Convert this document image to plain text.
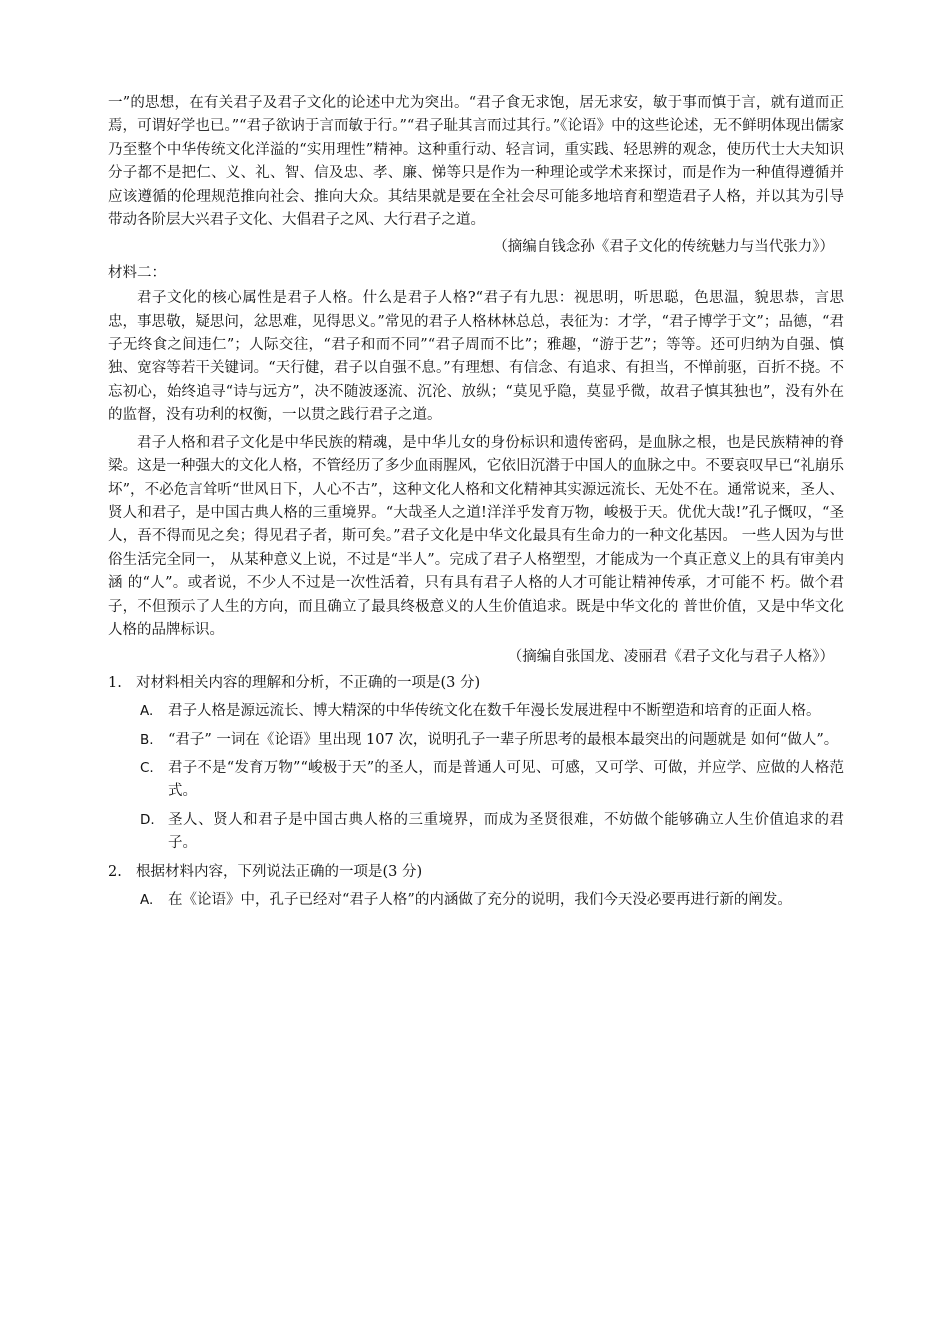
一”的思想，在有关君子及君子文化的论述中尤为突出。“君子食无求饱，居无求安，敏于事而慎于言，就有道而正焉，可谓好学也已。”“君子欲讷于言而敏于行。”“君子耻其言而过其行。”《论语》中的这些论述，无不鲜明体现出儒家乃至整个中华传统文化洋溢的“实用理性”精神。这种重行动、轻言词，重实践、轻思辨的观念，使历代士大夫知识分子都不是把仁、义、礼、智、信及忠、孝、廉、悌等只是作为一种理论或学术来探讨，而是作为一种值得遵循并应该遵循的伦理规范推向社会、推向大众。其结果就是要在全社会尽可能多地培育和塑造君子人格，并以其为引导带动各阶层大兴君子文化、大倡君子之风、大行君子之道。

（摘编自钱念孙《君子文化的传统魅力与当代张力》）
材料二：

君子文化的核心属性是君子人格。什么是君子人格?“君子有九思：视思明，听思聪，色思温，貌思恭，言思忠，事思敬，疑思问，忿思难，见得思义。”常见的君子人格林林总总，表征为：才学，“君子博学于文”；品德，“君子无终食之间违仁”；人际交往，“君子和而不同”“君子周而不比”；雅趣，“游于艺”；等等。还可归纳为自强、慎独、宽容等若干关键词。“天行健，君子以自强不息。”有理想、有信念、有追求、有担当，不惮前驱，百折不挠。不忘初心，始终追寻“诗与远方”，决不随波逐流、沉沦、放纵；“莫见乎隐，莫显乎微，故君子慎其独也”，没有外在的监督，没有功利的权衡，一以贯之践行君子之道。

君子人格和君子文化是中华民族的精魂，是中华儿女的身份标识和遗传密码，是血脉之根，也是民族精神的脊梁。这是一种强大的文化人格，不管经历了多少血雨腥风，它依旧沉潜于中国人的血脉之中。不要哀叹早已“礼崩乐坏”，不必危言耸听“世风日下，人心不古”，这种文化人格和文化精神其实源远流长、无处不在。通常说来，圣人、贤人和君子，是中国古典人格的三重境界。“大哉圣人之道!洋洋乎发育万物，峻极于天。优优大哉!”孔子慨叹，“圣人，吾不得而见之矣；得见君子者，斯可矣。”君子文化是中华文化最具有生命力的一种文化基因。 一些人因为与世俗生活完全同一， 从某种意义上说，不过是“半人”。完成了君子人格塑型，才能成为一个真正意义上的具有审美内涵 的“人”。或者说，不少人不过是一次性活着，只有具有君子人格的人才可能让精神传承，才可能不 朽。做个君子，不但预示了人生的方向，而且确立了最具终极意义的人生价值追求。既是中华文化的 普世价值，又是中华文化人格的品牌标识。

（摘编自张国龙、凌丽君《君子文化与君子人格》）
1. 对材料相关内容的理解和分析，不正确的一项是(3 分)
A.	君子人格是源远流长、博大精深的中华传统文化在数千年漫长发展进程中不断塑造和培育的正面人格。
B. “君子” 一词在《论语》里出现 107 次，说明孔子一辈子所思考的最根本最突出的问题就是 如何“做人”。
C. 君子不是“发育万物”“峻极于天”的圣人，而是普通人可见、可感，又可学、可做，并应学、应做的人格范式。
D. 圣人、贤人和君子是中国古典人格的三重境界，而成为圣贤很难，不妨做个能够确立人生价值追求的君子。
2. 根据材料内容，下列说法正确的一项是(3 分)
A.	在《论语》中，孔子已经对“君子人格”的内涵做了充分的说明，我们今天没必要再进行新的阐发。
